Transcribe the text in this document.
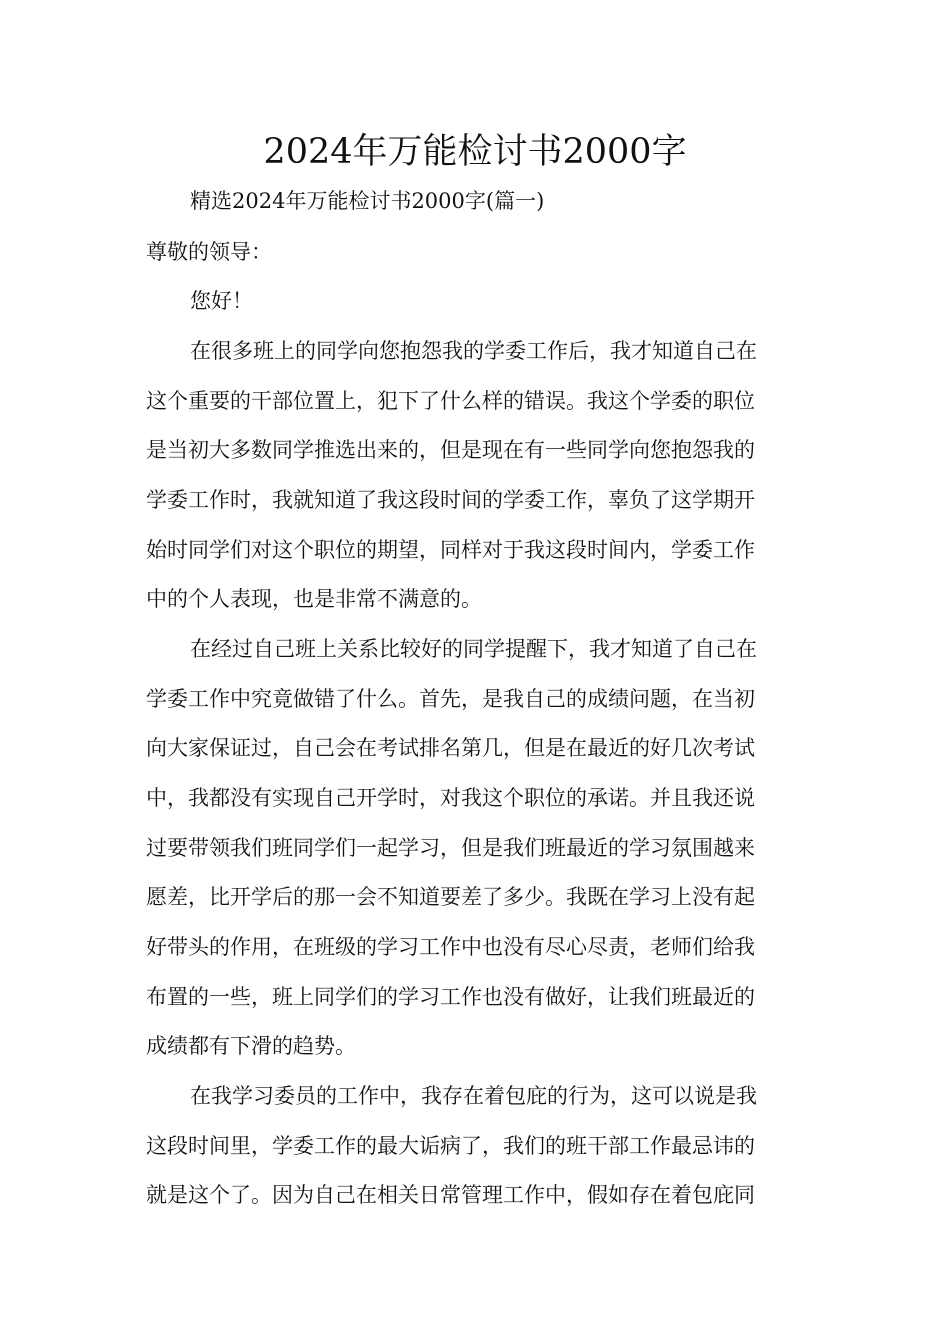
2024年万能检讨书2000字

精选2024年万能检讨书2000字(篇一)

尊敬的领导：

您好！

在很多班上的同学向您抱怨我的学委工作后，我才知道自己在

这个重要的干部位置上，犯下了什么样的错误。我这个学委的职位

是当初大多数同学推选出来的，但是现在有一些同学向您抱怨我的

学委工作时，我就知道了我这段时间的学委工作，辜负了这学期开

始时同学们对这个职位的期望，同样对于我这段时间内，学委工作

中的个人表现，也是非常不满意的。

在经过自己班上关系比较好的同学提醒下，我才知道了自己在

学委工作中究竟做错了什么。首先，是我自己的成绩问题，在当初

向大家保证过，自己会在考试排名第几，但是在最近的好几次考试

中，我都没有实现自己开学时，对我这个职位的承诺。并且我还说

过要带领我们班同学们一起学习，但是我们班最近的学习氛围越来

愿差，比开学后的那一会不知道要差了多少。我既在学习上没有起

好带头的作用，在班级的学习工作中也没有尽心尽责，老师们给我

布置的一些，班上同学们的学习工作也没有做好，让我们班最近的

成绩都有下滑的趋势。

在我学习委员的工作中，我存在着包庇的行为，这可以说是我

这段时间里，学委工作的最大诟病了，我们的班干部工作最忌讳的

就是这个了。因为自己在相关日常管理工作中，假如存在着包庇同
